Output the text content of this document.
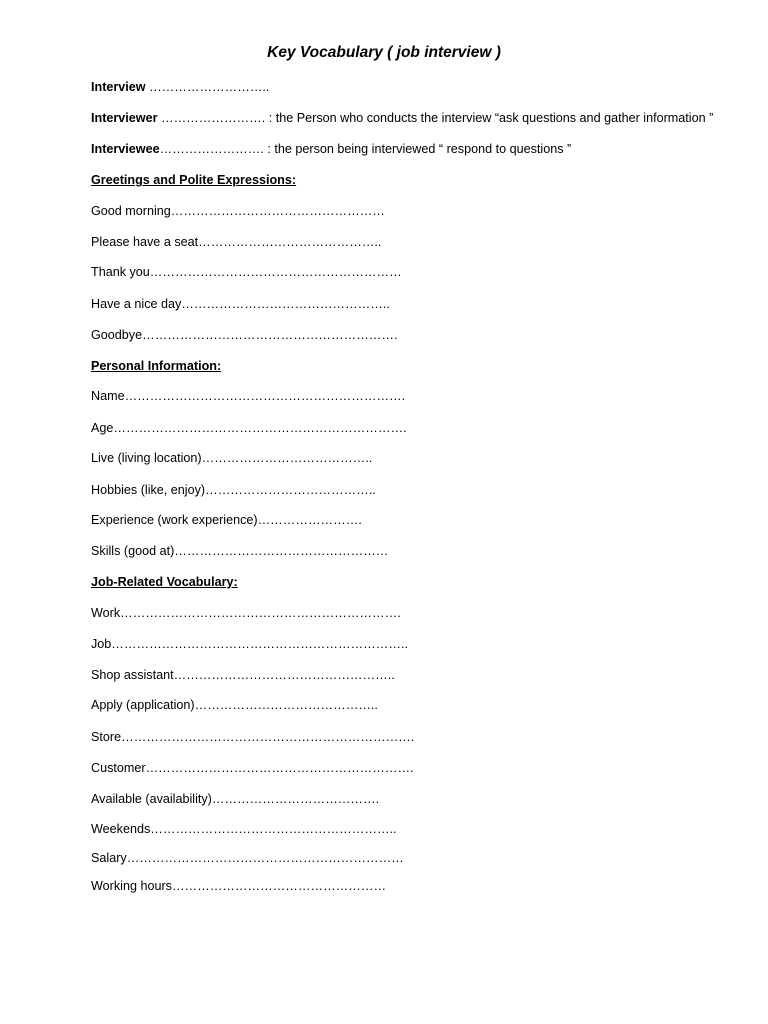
Key Vocabulary ( job interview )

Interview ………………………..

Interviewer ……………………. : the Person who conducts the interview “ask questions and gather information ”

Interviewee……………………. : the person being interviewed “ respond to questions ”

Greetings and Polite Expressions:

Good morning……………………………………………

Please have a seat……………………………………..

Thank you……………………………………………………

Have a nice day…………………………………………..

Goodbye…………………………………………………….

Personal Information:

Name………………………………………………………….

Age…………………………………………………………….

Live (living location)…………………………………..

Hobbies (like, enjoy)…………………………………..

Experience (work experience)…………………….

Skills (good at)……………………………………………

Job-Related Vocabulary:

Work………………………………………………………….

Job……………………………………………………………..

Shop assistant……………………………………………..

Apply (application)……………………………………..

Store…………………………………………………………….

Customer……………………………………………………….

Available (availability)………………………………….

Weekends…………………………………………………..

Salary…………………………………………………………

Working hours……………………………………………
